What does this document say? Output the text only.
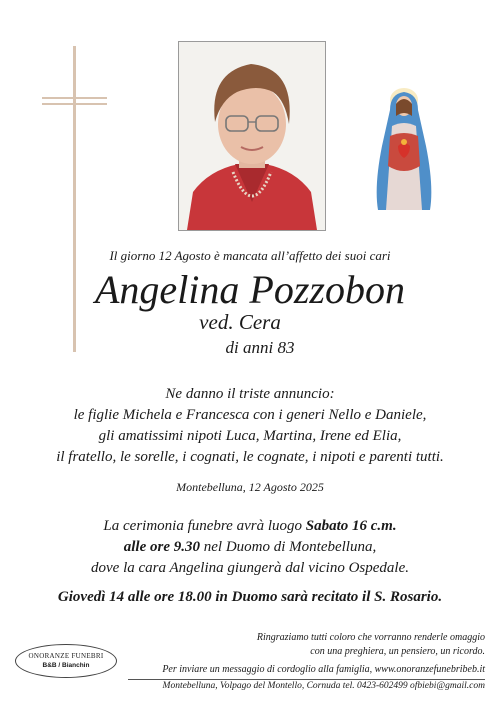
Il giorno 12 Agosto è mancata all’affetto dei suoi cari
Angelina Pozzobon
ved. Cera
di anni 83
Ne danno il triste annuncio:
le figlie Michela e Francesca con i generi Nello e Daniele,
gli amatissimi nipoti Luca, Martina, Irene ed Elia,
il fratello, le sorelle, i cognati, le cognate, i nipoti e parenti tutti.
Montebelluna, 12 Agosto 2025
La cerimonia funebre avrà luogo Sabato 16 c.m.
alle ore 9.30 nel Duomo di Montebelluna,
dove la cara Angelina giungerà dal vicino Ospedale.
Giovedì 14 alle ore 18.00 in Duomo sarà recitato il S. Rosario.
Ringraziamo tutti coloro che vorranno renderle omaggio
con una preghiera, un pensiero, un ricordo.
ONORANZE FUNEBRI
B&B / Bianchin	Per inviare un messaggio di cordoglio alla famiglia, www.onoranzefunebribeb.it
Montebelluna, Volpago del Montello, Cornuda tel. 0423-602499 ofbiebi@gmail.com
